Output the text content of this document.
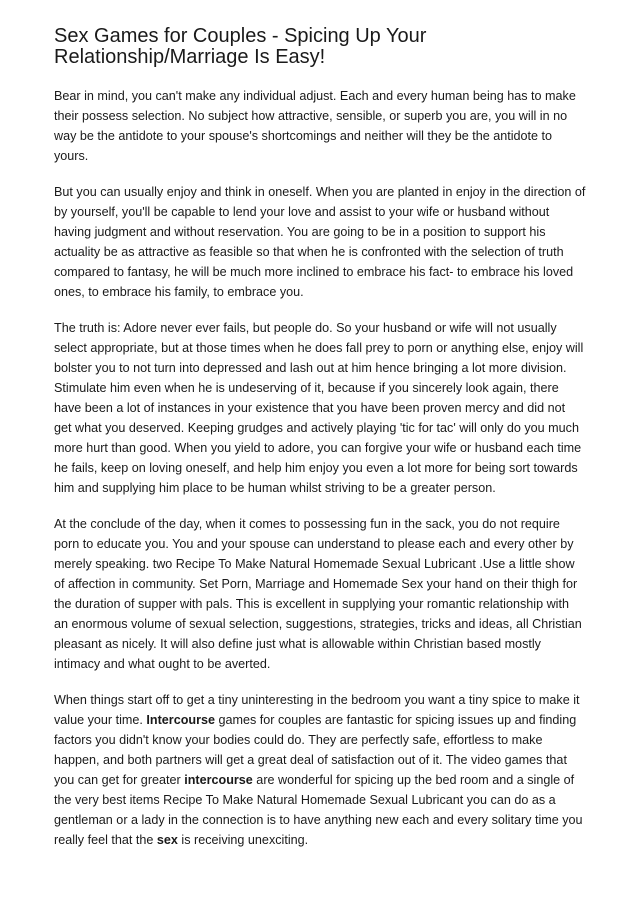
Sex Games for Couples - Spicing Up Your
Relationship/Marriage Is Easy!

Bear in mind, you can't make any individual adjust. Each and every human being has to make their possess selection. No subject how attractive, sensible, or superb you are, you will in no way be the antidote to your spouse's shortcomings and neither will they be the antidote to yours.

But you can usually enjoy and think in oneself. When you are planted in enjoy in the direction of by yourself, you'll be capable to lend your love and assist to your wife or husband without having judgment and without reservation. You are going to be in a position to support his actuality be as attractive as feasible so that when he is confronted with the selection of truth compared to fantasy, he will be much more inclined to embrace his fact- to embrace his loved ones, to embrace his family, to embrace you.

The truth is: Adore never ever fails, but people do. So your husband or wife will not usually select appropriate, but at those times when he does fall prey to porn or anything else, enjoy will bolster you to not turn into depressed and lash out at him hence bringing a lot more division. Stimulate him even when he is undeserving of it, because if you sincerely look again, there have been a lot of instances in your existence that you have been proven mercy and did not get what you deserved. Keeping grudges and actively playing 'tic for tac' will only do you much more hurt than good. When you yield to adore, you can forgive your wife or husband each time he fails, keep on loving oneself, and help him enjoy you even a lot more for being sort towards him and supplying him place to be human whilst striving to be a greater person.

At the conclude of the day, when it comes to possessing fun in the sack, you do not require porn to educate you. You and your spouse can understand to please each and every other by merely speaking. two Recipe To Make Natural Homemade Sexual Lubricant .Use a little show of affection in community. Set Porn, Marriage and Homemade Sex your hand on their thigh for the duration of supper with pals. This is excellent in supplying your romantic relationship with an enormous volume of sexual selection, suggestions, strategies, tricks and ideas, all Christian pleasant as nicely. It will also define just what is allowable within Christian based mostly intimacy and what ought to be averted.

When things start off to get a tiny uninteresting in the bedroom you want a tiny spice to make it value your time. Intercourse games for couples are fantastic for spicing issues up and finding factors you didn't know your bodies could do. They are perfectly safe, effortless to make happen, and both partners will get a great deal of satisfaction out of it. The video games that you can get for greater intercourse are wonderful for spicing up the bed room and a single of the very best items Recipe To Make Natural Homemade Sexual Lubricant you can do as a gentleman or a lady in the connection is to have anything new each and every solitary time you really feel that the sex is receiving unexciting.
